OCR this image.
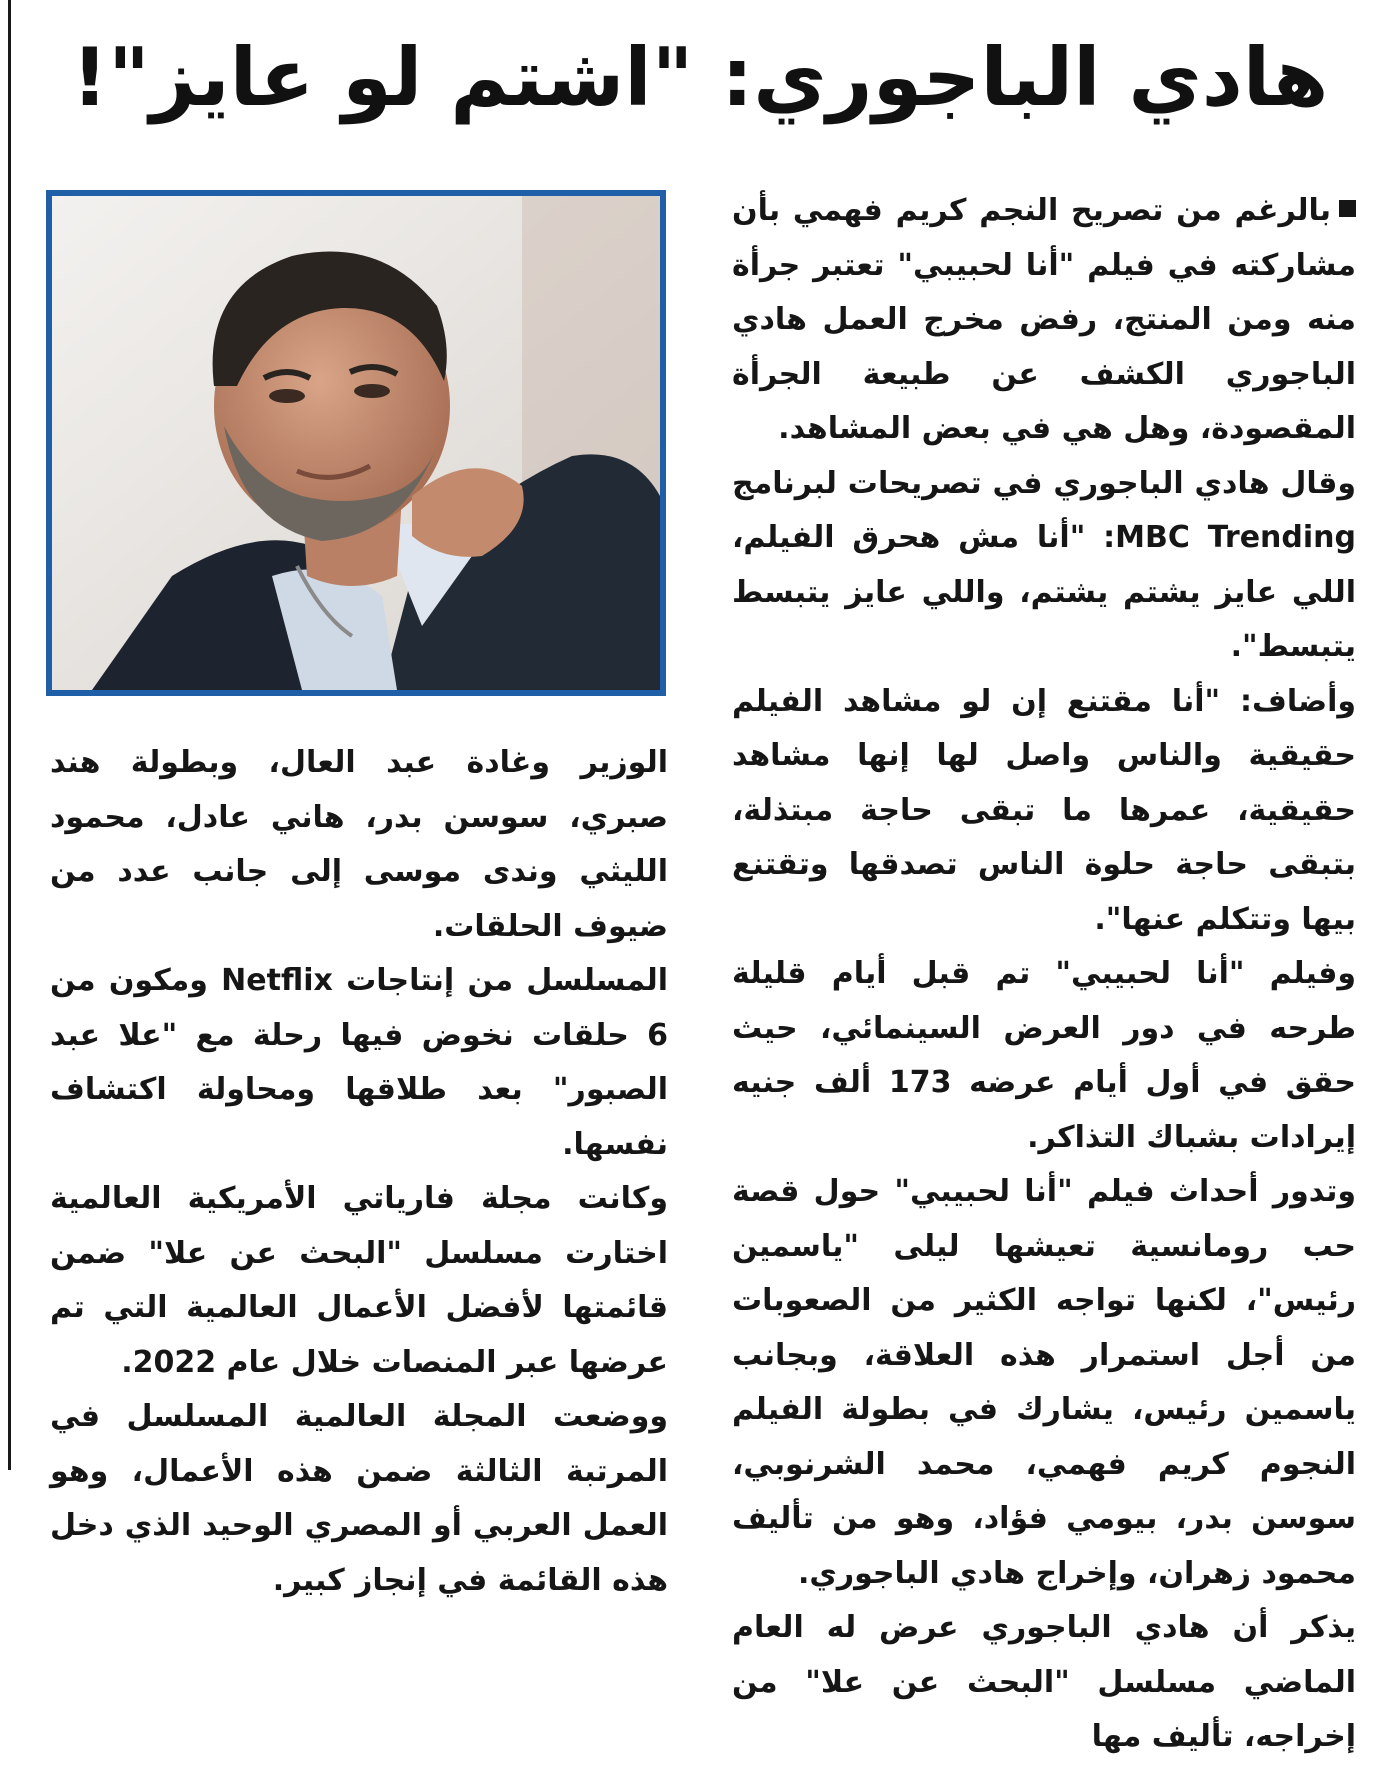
هادي الباجوري: "اشتم لو عايز"!

بالرغم من تصريح النجم كريم فهمي بأن مشاركته في فيلم "أنا لحبيبي" تعتبر جرأة منه ومن المنتج، رفض مخرج العمل هادي الباجوري الكشف عن طبيعة الجرأة المقصودة، وهل هي في بعض المشاهد.

وقال هادي الباجوري في تصريحات لبرنامج MBC Trending: "أنا مش هحرق الفيلم، اللي عايز يشتم يشتم، واللي عايز يتبسط يتبسط".

وأضاف: "أنا مقتنع إن لو مشاهد الفيلم حقيقية والناس واصل لها إنها مشاهد حقيقية، عمرها ما تبقى حاجة مبتذلة، بتبقى حاجة حلوة الناس تصدقها وتقتنع بيها وتتكلم عنها".

وفيلم "أنا لحبيبي" تم قبل أيام قليلة طرحه في دور العرض السينمائي، حيث حقق في أول أيام عرضه 173 ألف جنيه إيرادات بشباك التذاكر.

وتدور أحداث فيلم "أنا لحبيبي" حول قصة حب رومانسية تعيشها ليلى "ياسمين رئيس"، لكنها تواجه الكثير من الصعوبات من أجل استمرار هذه العلاقة، وبجانب ياسمين رئيس، يشارك في بطولة الفيلم النجوم كريم فهمي، محمد الشرنوبي، سوسن بدر، بيومي فؤاد، وهو من تأليف محمود زهران، وإخراج هادي الباجوري.

يذكر أن هادي الباجوري عرض له العام الماضي مسلسل "البحث عن علا" من إخراجه، تأليف مها

الوزير وغادة عبد العال، وبطولة هند صبري، سوسن بدر، هاني عادل، محمود الليثي وندى موسى إلى جانب عدد من ضيوف الحلقات.

المسلسل من إنتاجات Netflix ومكون من 6 حلقات نخوض فيها رحلة مع "علا عبد الصبور" بعد طلاقها ومحاولة اكتشاف نفسها.

وكانت مجلة فارياتي الأمريكية العالمية اختارت مسلسل "البحث عن علا" ضمن قائمتها لأفضل الأعمال العالمية التي تم عرضها عبر المنصات خلال عام 2022.

ووضعت المجلة العالمية المسلسل في المرتبة الثالثة ضمن هذه الأعمال، وهو العمل العربي أو المصري الوحيد الذي دخل هذه القائمة في إنجاز كبير.
